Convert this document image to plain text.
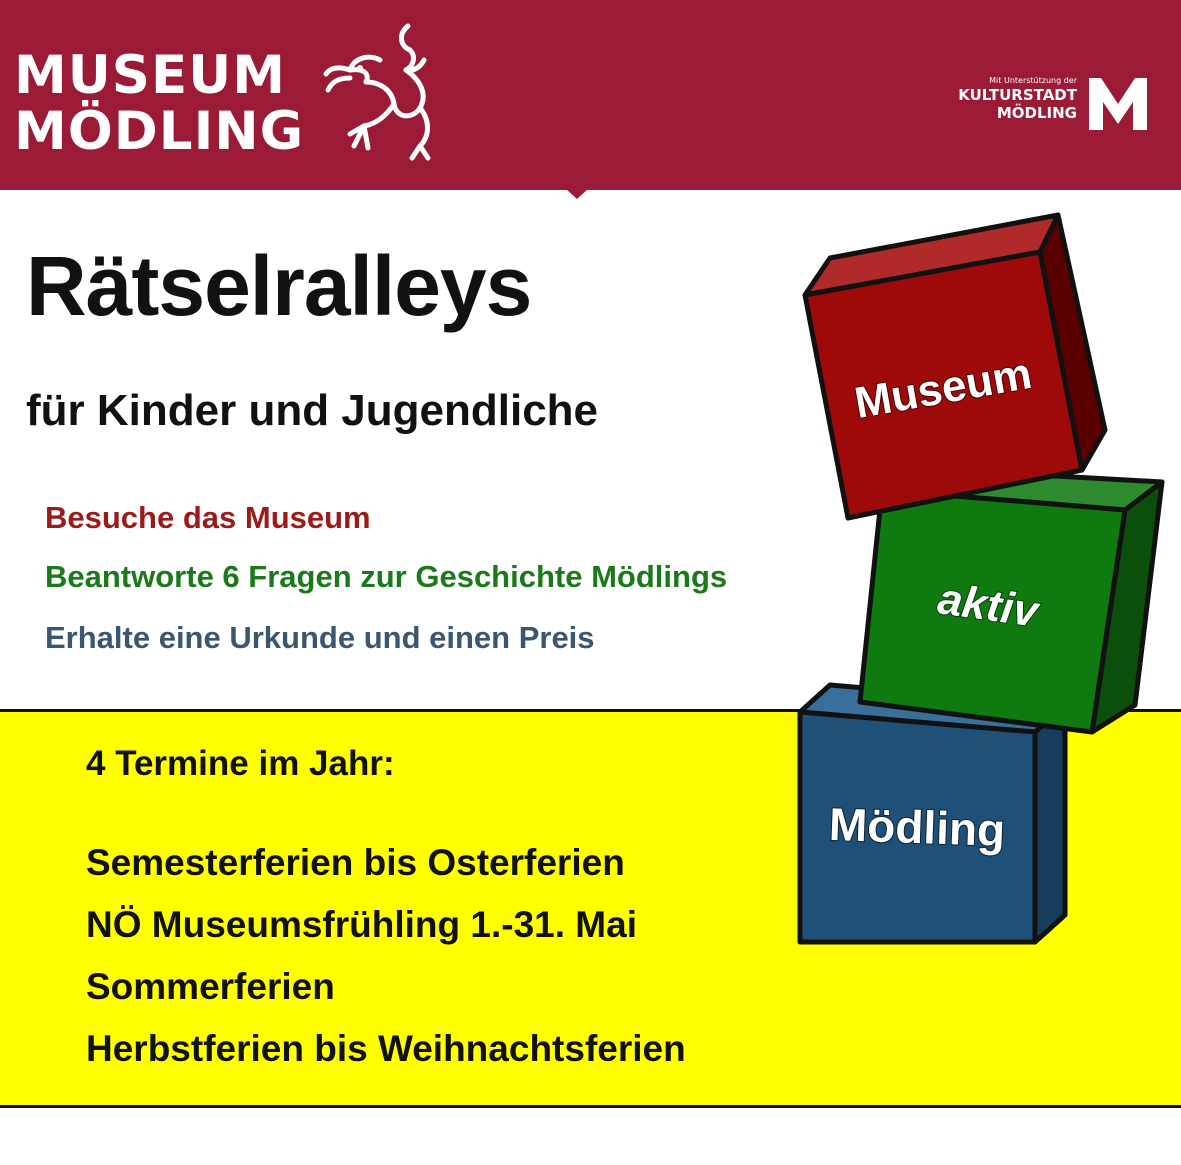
MUSEUM
MÖDLING
Mit Unterstützung der
KULTURSTADT
MÖDLING
Rätselralleys
für Kinder und Jugendliche
Besuche das Museum
Beantworte 6 Fragen zur Geschichte Mödlings
Erhalte eine Urkunde und einen Preis
4 Termine im Jahr:
Semesterferien bis Osterferien
NÖ Museumsfrühling 1.-31. Mai
Sommerferien
Herbstferien bis Weihnachtsferien
Mödling
aktiv
Museum
